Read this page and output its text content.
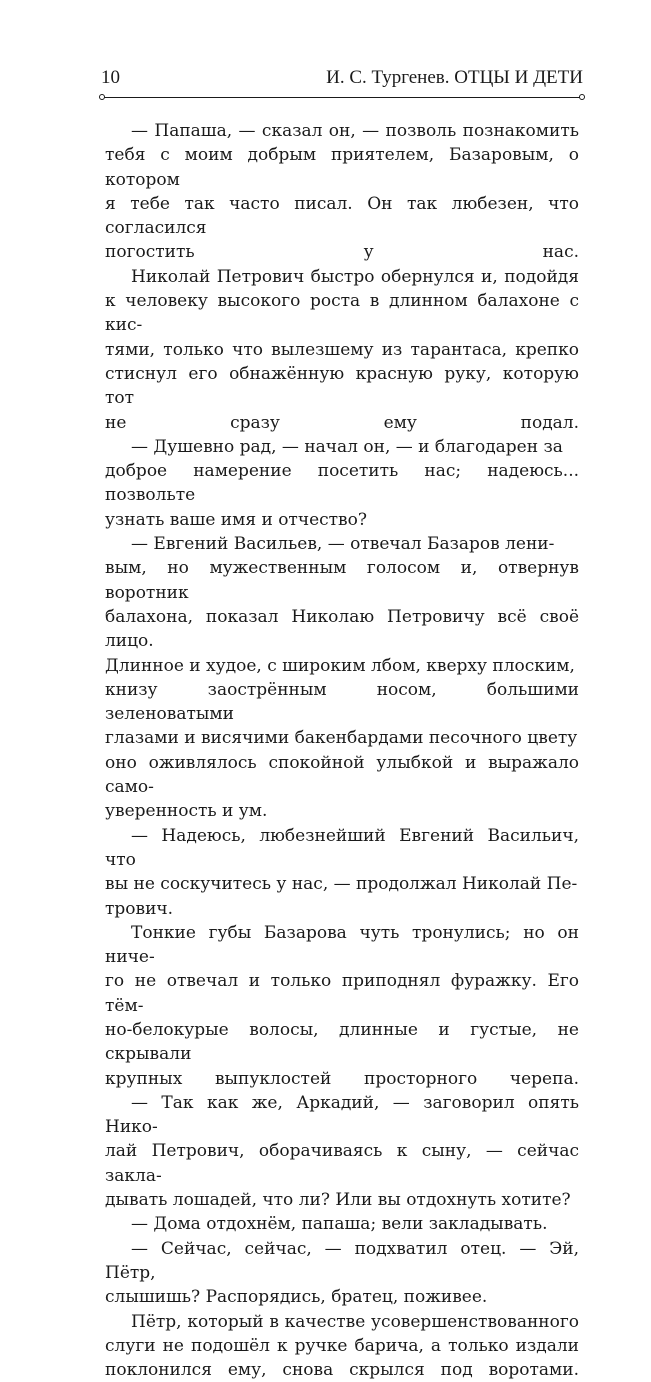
10	И. С. Тургенев. ОТЦЫ И ДЕТИ

— Папаша, — сказал он, — позволь познакомить
тебя с моим добрым приятелем, Базаровым, о котором
я тебе так часто писал. Он так любезен, что согласился
погостить у нас.

Николай Петрович быстро обернулся и, подойдя
к человеку высокого роста в длинном балахоне с кис-
тями, только что вылезшему из тарантаса, крепко
стиснул его обнажённую красную руку, которую тот
не сразу ему подал.

— Душевно рад, — начал он, — и благодарен за
доброе намерение посетить нас; надеюсь... позвольте
узнать ваше имя и отчество?

— Евгений Васильев, — отвечал Базаров лени-
вым, но мужественным голосом и, отвернув воротник
балахона, показал Николаю Петровичу всё своё лицо.
Длинное и худое, с широким лбом, кверху плоским,
книзу заострённым носом, большими зеленоватыми
глазами и висячими бакенбардами песочного цвету
оно оживлялось спокойной улыбкой и выражало само-
уверенность и ум.

— Надеюсь, любезнейший Евгений Васильич, что
вы не соскучитесь у нас, — продолжал Николай Пе-
трович.

Тонкие губы Базарова чуть тронулись; но он ниче-
го не отвечал и только приподнял фуражку. Его тём-
но-белокурые волосы, длинные и густые, не скрывали
крупных выпуклостей просторного черепа.

— Так как же, Аркадий, — заговорил опять Нико-
лай Петрович, оборачиваясь к сыну, — сейчас закла-
дывать лошадей, что ли? Или вы отдохнуть хотите?

— Дома отдохнём, папаша; вели закладывать.

— Сейчас, сейчас, — подхватил отец. — Эй, Пётр,
слышишь? Распорядись, братец, поживее.

Пётр, который в качестве усовершенствованного
слуги не подошёл к ручке барича, а только издали
поклонился ему, снова скрылся под воротами.
